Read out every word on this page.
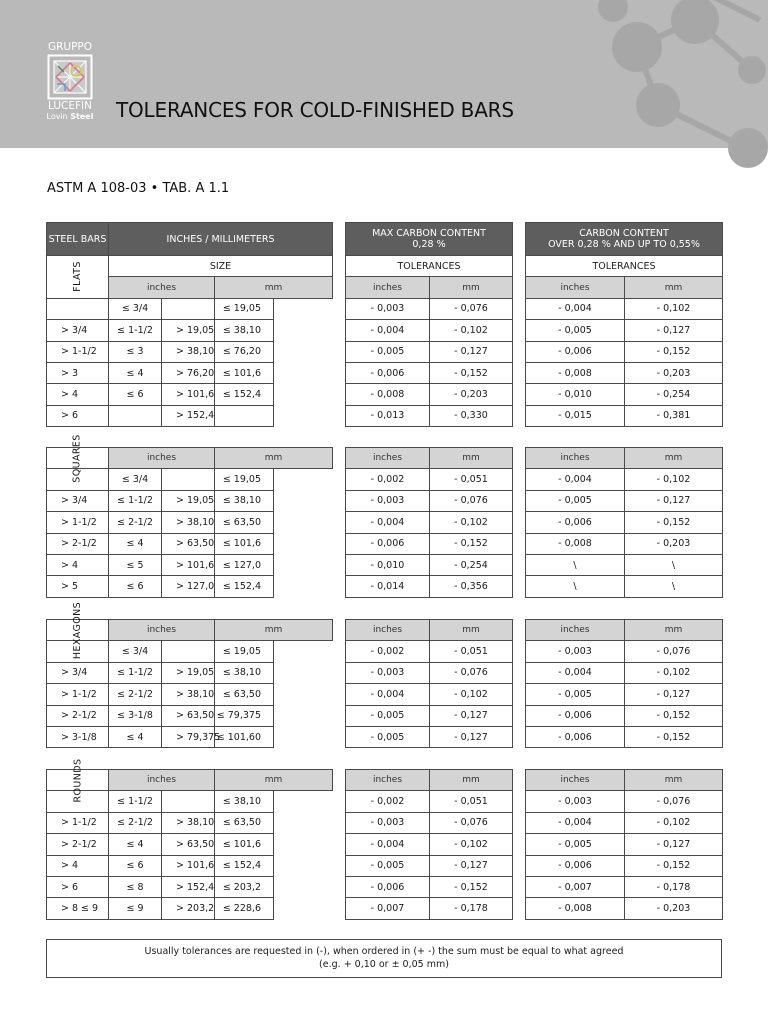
GRUPPO
LUCEFIN
Lovin Steel TOLERANCES FOR COLD-FINISHED BARS
ASTM A 108-03 • TAB. A 1.1
STEEL BARS	INCHES / MILLIMETERS		
FLATS	SIZE		
	inches		mm
	≤ 3/4		≤ 19,05
> 3/4	≤ 1-1/2	> 19,05	≤ 38,10
> 1-1/2	≤ 3	> 38,10	≤ 76,20
> 3	≤ 4	> 76,20	≤ 101,6
> 4	≤ 6	> 101,6	≤ 152,4
> 6		> 152,4	
MAX CARBON CONTENT
0,28 %	
TOLERANCES	
inches	mm
- 0,003	- 0,076
- 0,004	- 0,102
- 0,005	- 0,127
- 0,006	- 0,152
- 0,008	- 0,203
- 0,013	- 0,330
CARBON CONTENT
OVER 0,28 % AND UP TO 0,55%	
TOLERANCES	
inches	mm
- 0,004	- 0,102
- 0,005	- 0,127
- 0,006	- 0,152
- 0,008	- 0,203
- 0,010	- 0,254
- 0,015	- 0,381
SQUARES	inches		mm
	≤ 3/4		≤ 19,05
> 3/4	≤ 1-1/2	> 19,05	≤ 38,10
> 1-1/2	≤ 2-1/2	> 38,10	≤ 63,50
> 2-1/2	≤ 4	> 63,50	≤ 101,6
> 4	≤ 5	> 101,6	≤ 127,0
> 5	≤ 6	> 127,0	≤ 152,4
inches	mm
- 0,002	- 0,051
- 0,003	- 0,076
- 0,004	- 0,102
- 0,006	- 0,152
- 0,010	- 0,254
- 0,014	- 0,356
inches	mm
- 0,004	- 0,102
- 0,005	- 0,127
- 0,006	- 0,152
- 0,008	- 0,203
\	\
\	\
HEXAGONS	inches		mm
	≤ 3/4		≤ 19,05
> 3/4	≤ 1-1/2	> 19,05	≤ 38,10
> 1-1/2	≤ 2-1/2	> 38,10	≤ 63,50
> 2-1/2	≤ 3-1/8	> 63,50	≤ 79,375
> 3-1/8	≤ 4	> 79,375	≤ 101,60
inches	mm
- 0,002	- 0,051
- 0,003	- 0,076
- 0,004	- 0,102
- 0,005	- 0,127
- 0,005	- 0,127
inches	mm
- 0,003	- 0,076
- 0,004	- 0,102
- 0,005	- 0,127
- 0,006	- 0,152
- 0,006	- 0,152
ROUNDS	inches		mm
	≤ 1-1/2		≤ 38,10
> 1-1/2	≤ 2-1/2	> 38,10	≤ 63,50
> 2-1/2	≤ 4	> 63,50	≤ 101,6
> 4	≤ 6	> 101,6	≤ 152,4
> 6	≤ 8	> 152,4	≤ 203,2
> 8 ≤ 9	≤ 9	> 203,2	≤ 228,6
inches	mm
- 0,002	- 0,051
- 0,003	- 0,076
- 0,004	- 0,102
- 0,005	- 0,127
- 0,006	- 0,152
- 0,007	- 0,178
inches	mm
- 0,003	- 0,076
- 0,004	- 0,102
- 0,005	- 0,127
- 0,006	- 0,152
- 0,007	- 0,178
- 0,008	- 0,203
Usually tolerances are requested in (-), when ordered in (+ -) the sum must be equal to what agreed
(e.g. + 0,10 or ± 0,05 mm)
